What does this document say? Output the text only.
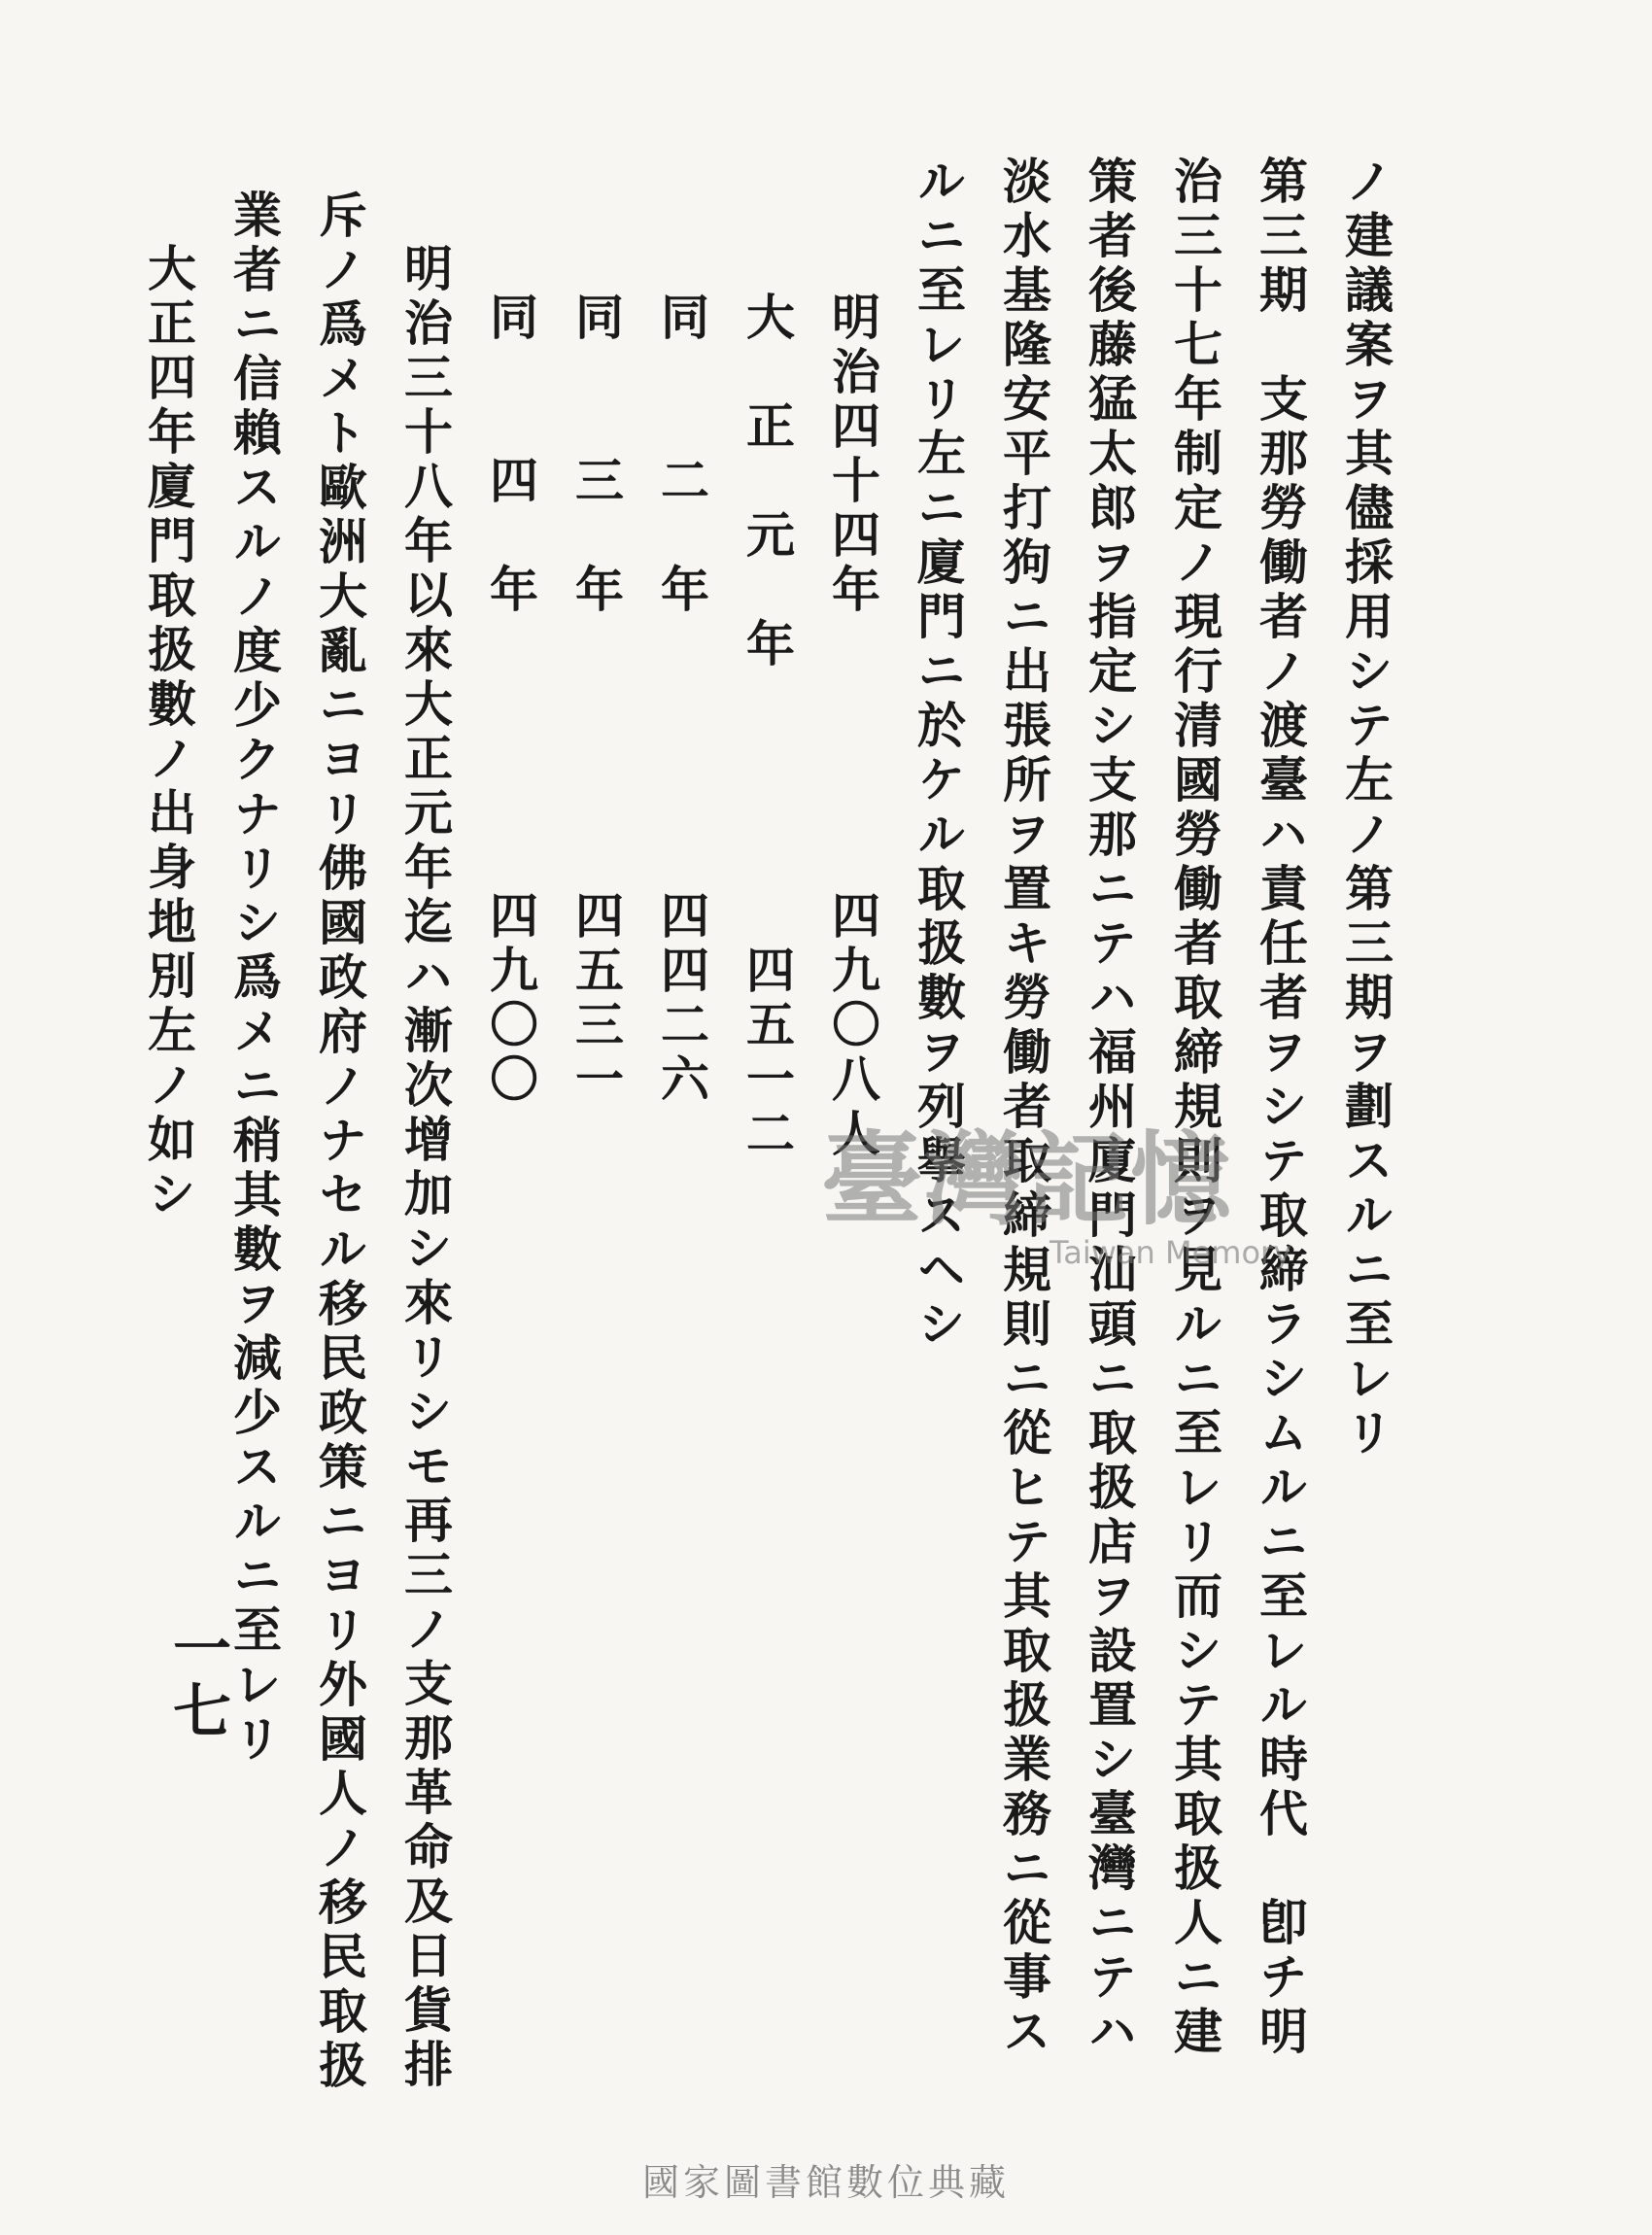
ノ建議案ヲ其儘採用シテ左ノ第三期ヲ劃スルニ至レリ
第三期　支那勞働者ノ渡臺ハ責任者ヲシテ取締ラシムルニ至レル時代　卽チ明
治三十七年制定ノ現行清國勞働者取締規則ヲ見ルニ至レリ而シテ其取扱人ニ建
策者後藤猛太郎ヲ指定シ支那ニテハ福州廈門汕頭ニ取扱店ヲ設置シ臺灣ニテハ
淡水基隆安平打狗ニ出張所ヲ置キ勞働者取締規則ニ從ヒテ其取扱業務ニ從事ス
ルニ至レリ左ニ廈門ニ於ケル取扱數ヲ列擧スヘシ
明治四十四年　　　　　四九〇八人
大　正　元　年　　　　　四五一二
同　　二　年　　　　　四四二六
同　　三　年　　　　　四五三一
同　　四　年　　　　　四九〇〇
明治三十八年以來大正元年迄ハ漸次增加シ來リシモ再三ノ支那革命及日貨排
斥ノ爲メト歐洲大亂ニヨリ佛國政府ノナセル移民政策ニヨリ外國人ノ移民取扱
業者ニ信賴スルノ度少クナリシ爲メニ稍其數ヲ減少スルニ至レリ
大正四年廈門取扱數ノ出身地別左ノ如シ
一七
臺灣記憶
Taiwan Memory
國家圖書館數位典藏
